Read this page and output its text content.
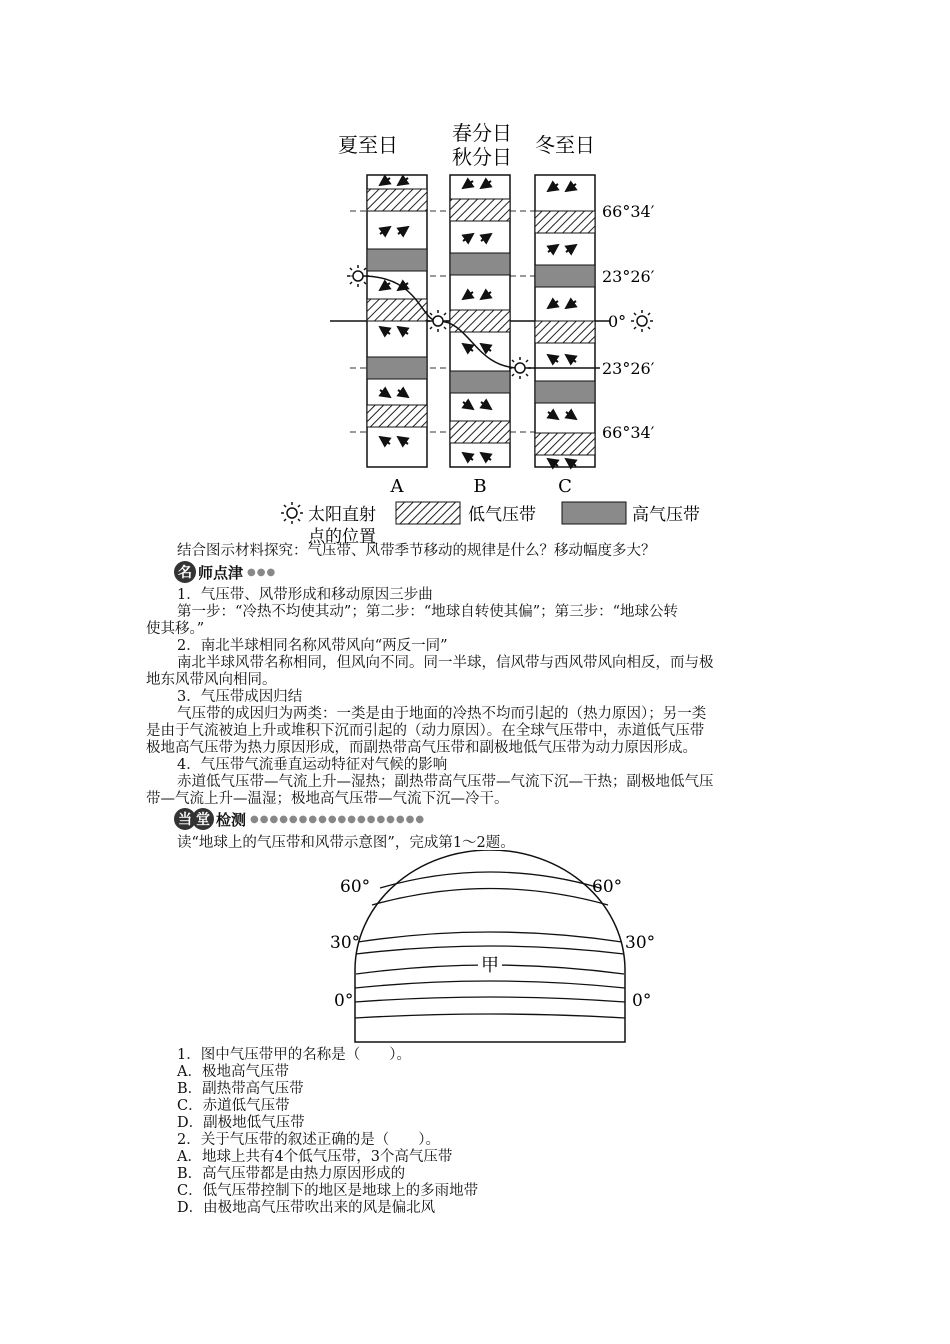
夏至日	春分日
秋分日 冬至日
66°34′
23°26′
0°
23°26′
66°34′
A	B	C
太阳直射
点的位置
低气压带	高气压带
结合图示材料探究：气压带、风带季节移动的规律是什么？移动幅度多大？
名 师点津 ●●●
1．气压带、风带形成和移动原因三步曲
第一步：“冷热不均使其动”；第二步：“地球自转使其偏”；第三步：“地球公转
使其移。”
2．南北半球相同名称风带风向“两反一同”
南北半球风带名称相同，但风向不同。同一半球，信风带与西风带风向相反，而与极
地东风带风向相同。
3．气压带成因归结
气压带的成因归为两类：一类是由于地面的冷热不均而引起的（热力原因）；另一类
是由于气流被迫上升或堆积下沉而引起的（动力原因）。在全球气压带中，赤道低气压带
极地高气压带为热力原因形成，而副热带高气压带和副极地低气压带为动力原因形成。
4．气压带气流垂直运动特征对气候的影响
赤道低气压带—气流上升—湿热；副热带高气压带—气流下沉—干热；副极地低气压
带—气流上升—温湿；极地高气压带—气流下沉—冷干。
当 堂 检测 ●●●●●●●●●●●●●●●●●●
读“地球上的气压带和风带示意图”，完成第1～2题。
甲
60°
30°
0°
60°
30°
0°
1．图中气压带甲的名称是（　　）。
A．极地高气压带
B．副热带高气压带
C．赤道低气压带
D．副极地低气压带
2．关于气压带的叙述正确的是（　　）。
A．地球上共有4个低气压带，3个高气压带
B．高气压带都是由热力原因形成的
C．低气压带控制下的地区是地球上的多雨地带
D．由极地高气压带吹出来的风是偏北风
